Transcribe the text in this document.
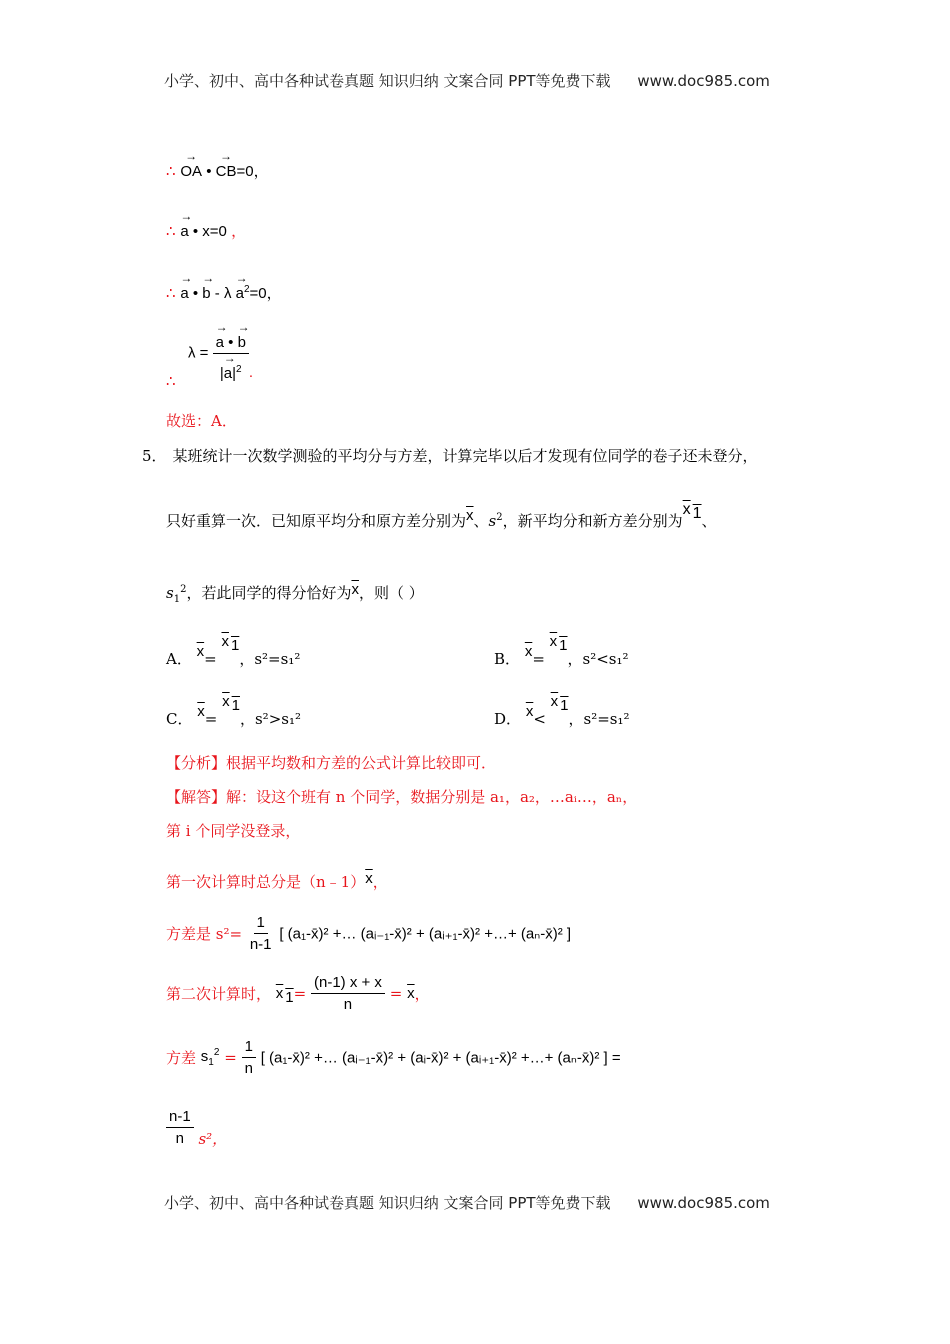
小学、初中、高中各种试卷真题 知识归纳 文案合同 PPT等免费下载 www.doc985.com
∴ → OA • → CB=0，
∴ → a • x=0 ，
∴ → a • → $b - \lambda \to a^2=0$，
∴
λ = → $\frac{a • \to b}{|\to a|^2}$ .
故选：A．
5． 某班统计一次数学测验的平均分与方差，计算完毕以后才发现有位同学的卷子还未登分，
只好重算一次．已知原平均分和原方差分别为$\overline{x}$、$s^2$，新平均分和新方差分别为x 1、
$s_1^2$，若此同学的得分恰好为$\overline{x}$，则（ ）
A． $\overline{x}= x$ 1，s²=s₁²	B． $\overline{x}= x$ 1，s²<s₁²
C． $\overline{x}= x$ 1，s²>s₁²	D． $\overline{x}< x$ 1，s²=s₁²
【分析】根据平均数和方差的公式计算比较即可．
【解答】解：设这个班有 n 个同学，数据分别是 a₁，a₂，…aᵢ…，aₙ，
第 i 个同学没登录，
第一次计算时总分是$(n﹣1)\overline{x}$，
方差是 $s^2= \frac{1}{n-1}$ [ (a₁-x̄)² +… (aᵢ₋₁-x̄)² + (aᵢ₊₁-x̄)² +…+ (aₙ-x̄)² ]
第二次计算时， x $1= \frac{(n-1) x + x}{n} = \overline{x}$，
方差 $s_1^2 = \frac{1}{n}$ [ (a₁-x̄)² +… (aᵢ₋₁-x̄)² + (aᵢ-x̄)² + (aᵢ₊₁-x̄)² +…+ (aₙ-x̄)² ] =
$\frac{n-1}{n} s^2$，
小学、初中、高中各种试卷真题 知识归纳 文案合同 PPT等免费下载 www.doc985.com
